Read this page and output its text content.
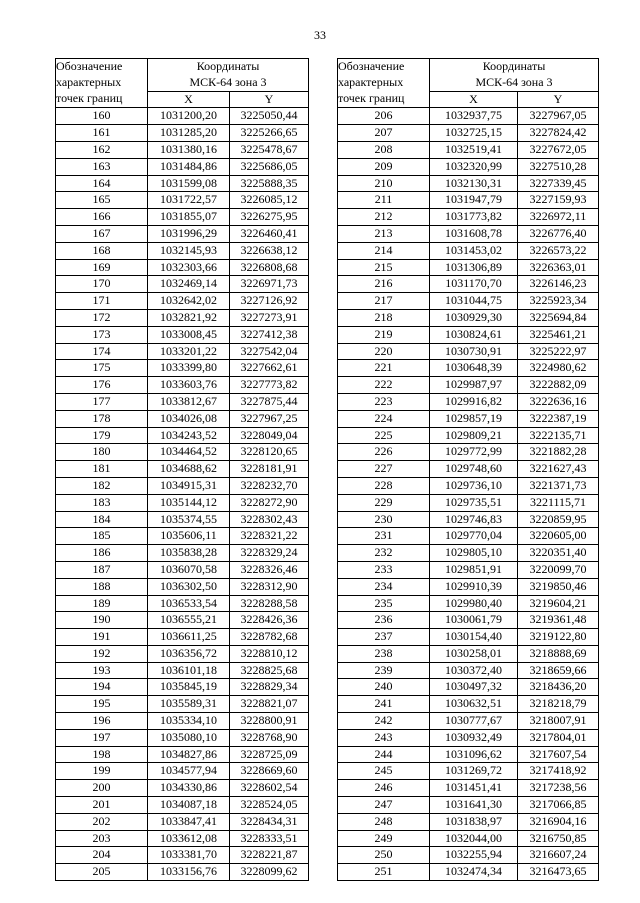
33
Обозначение
характерных
точек границ	Координаты
МСК-64 зона 3	

	X	Y
160	1031200,20	3225050,44
161	1031285,20	3225266,65
162	1031380,16	3225478,67
163	1031484,86	3225686,05
164	1031599,08	3225888,35
165	1031722,57	3226085,12
166	1031855,07	3226275,95
167	1031996,29	3226460,41
168	1032145,93	3226638,12
169	1032303,66	3226808,68
170	1032469,14	3226971,73
171	1032642,02	3227126,92
172	1032821,92	3227273,91
173	1033008,45	3227412,38
174	1033201,22	3227542,04
175	1033399,80	3227662,61
176	1033603,76	3227773,82
177	1033812,67	3227875,44
178	1034026,08	3227967,25
179	1034243,52	3228049,04
180	1034464,52	3228120,65
181	1034688,62	3228181,91
182	1034915,31	3228232,70
183	1035144,12	3228272,90
184	1035374,55	3228302,43
185	1035606,11	3228321,22
186	1035838,28	3228329,24
187	1036070,58	3228326,46
188	1036302,50	3228312,90
189	1036533,54	3228288,58
190	1036555,21	3228426,36
191	1036611,25	3228782,68
192	1036356,72	3228810,12
193	1036101,18	3228825,68
194	1035845,19	3228829,34
195	1035589,31	3228821,07
196	1035334,10	3228800,91
197	1035080,10	3228768,90
198	1034827,86	3228725,09
199	1034577,94	3228669,60
200	1034330,86	3228602,54
201	1034087,18	3228524,05
202	1033847,41	3228434,31
203	1033612,08	3228333,51
204	1033381,70	3228221,87
205	1033156,76	3228099,62
Обозначение
характерных
точек границ	Координаты
МСК-64 зона 3	

	X	Y
206	1032937,75	3227967,05
207	1032725,15	3227824,42
208	1032519,41	3227672,05
209	1032320,99	3227510,28
210	1032130,31	3227339,45
211	1031947,79	3227159,93
212	1031773,82	3226972,11
213	1031608,78	3226776,40
214	1031453,02	3226573,22
215	1031306,89	3226363,01
216	1031170,70	3226146,23
217	1031044,75	3225923,34
218	1030929,30	3225694,84
219	1030824,61	3225461,21
220	1030730,91	3225222,97
221	1030648,39	3224980,62
222	1029987,97	3222882,09
223	1029916,82	3222636,16
224	1029857,19	3222387,19
225	1029809,21	3222135,71
226	1029772,99	3221882,28
227	1029748,60	3221627,43
228	1029736,10	3221371,73
229	1029735,51	3221115,71
230	1029746,83	3220859,95
231	1029770,04	3220605,00
232	1029805,10	3220351,40
233	1029851,91	3220099,70
234	1029910,39	3219850,46
235	1029980,40	3219604,21
236	1030061,79	3219361,48
237	1030154,40	3219122,80
238	1030258,01	3218888,69
239	1030372,40	3218659,66
240	1030497,32	3218436,20
241	1030632,51	3218218,79
242	1030777,67	3218007,91
243	1030932,49	3217804,01
244	1031096,62	3217607,54
245	1031269,72	3217418,92
246	1031451,41	3217238,56
247	1031641,30	3217066,85
248	1031838,97	3216904,16
249	1032044,00	3216750,85
250	1032255,94	3216607,24
251	1032474,34	3216473,65
